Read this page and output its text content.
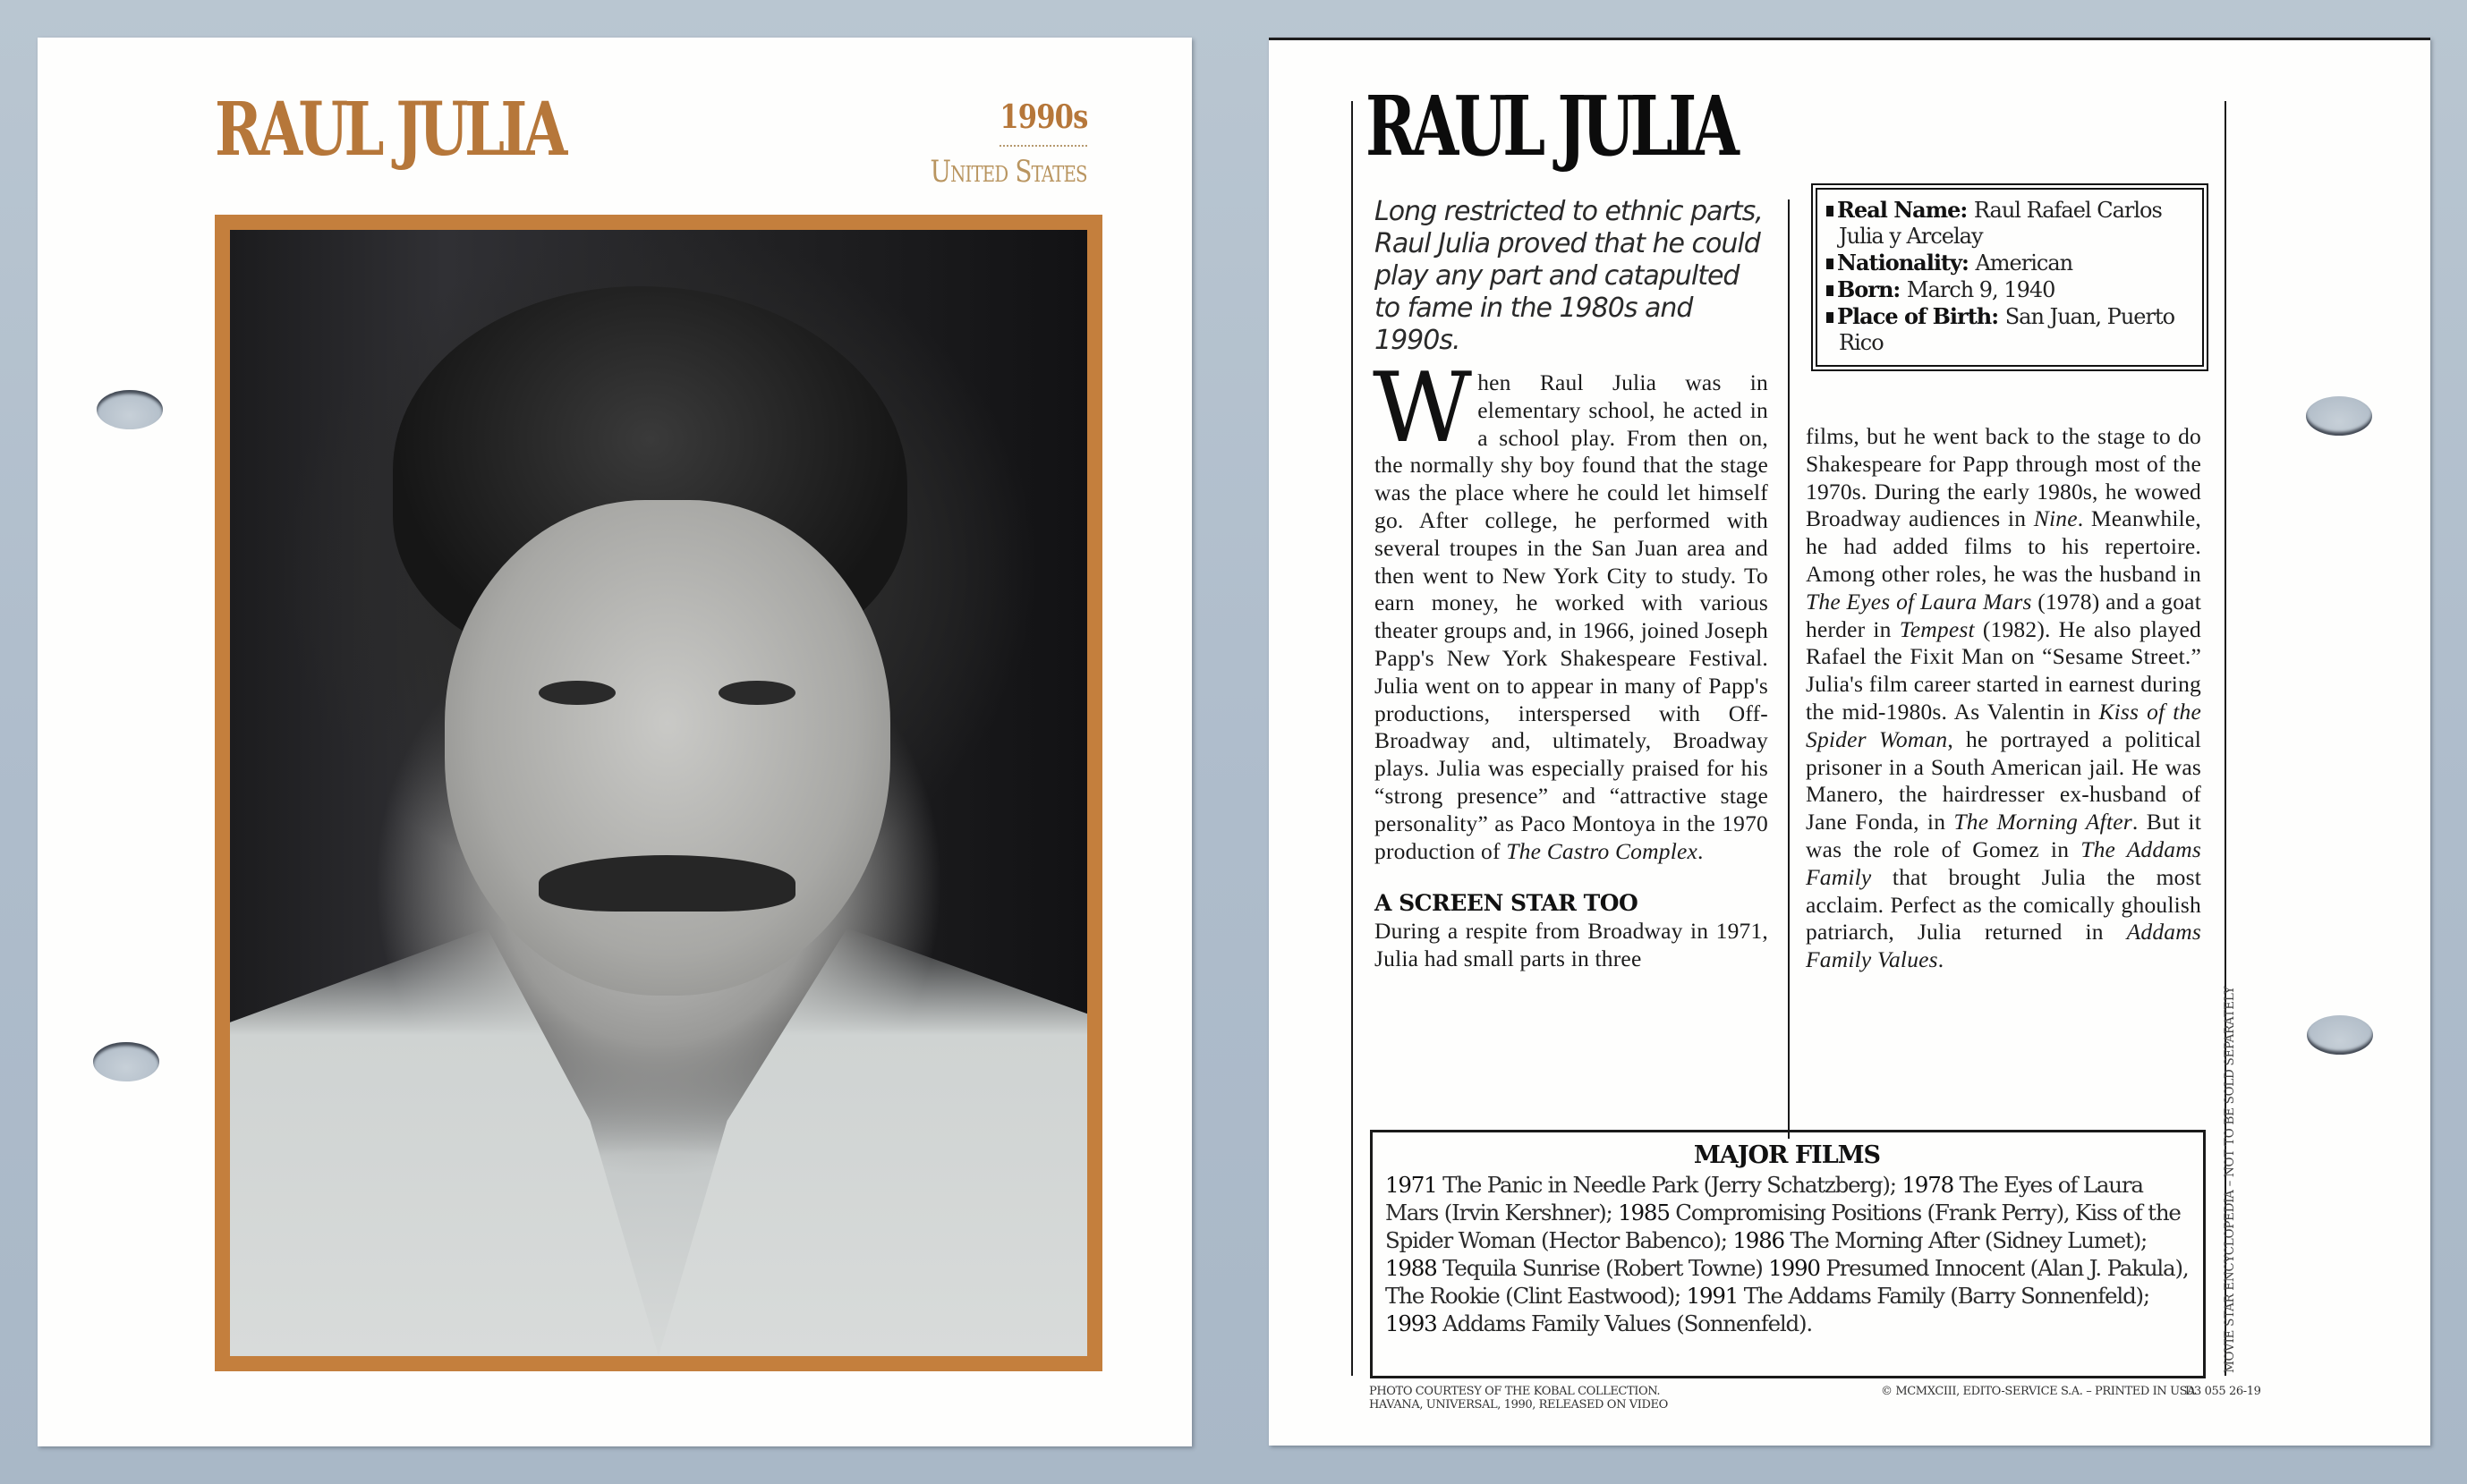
RAUL JULIA	1990s
United States	RAUL JULIA
Long restricted to ethnic parts, Raul Julia proved that he could play any part and catapulted to fame in the 1980s and 1990s.
Real Name: Raul Rafael Carlos Julia y Arcelay
Nationality: American
Born: March 9, 1940
Place of Birth: San Juan, Puerto Rico
When Raul Julia was in elementary school, he acted in a school play. From then on, the normally shy boy found that the stage was the place where he could let himself go. After college, he performed with several troupes in the San Juan area and then went to New York City to study. To earn money, he worked with various theater groups and, in 1966, joined Joseph Papp's New York Shakespeare Festival. Julia went on to appear in many of Papp's productions, interspersed with Off-Broadway and, ultimately, Broadway plays. Julia was especially praised for his “strong presence” and “attractive stage personality” as Paco Montoya in the 1970 production of The Castro Complex.
A SCREEN STAR TOO
During a respite from Broadway in 1971, Julia had small parts in three
films, but he went back to the stage to do Shakespeare for Papp through most of the 1970s. During the early 1980s, he wowed Broadway audiences in Nine. Meanwhile, he had added films to his repertoire. Among other roles, he was the husband in The Eyes of Laura Mars (1978) and a goat herder in Tempest (1982). He also played Rafael the Fixit Man on “Sesame Street.” Julia's film career started in earnest during the mid-1980s. As Valentin in Kiss of the Spider Woman, he portrayed a political prisoner in a South American jail. He was Manero, the hairdresser ex-husband of Jane Fonda, in The Morning After. But it was the role of Gomez in The Addams Family that brought Julia the most acclaim. Perfect as the comically ghoulish patriarch, Julia returned in Addams Family Values.
MAJOR FILMS
1971 The Panic in Needle Park (Jerry Schatzberg); 1978 The Eyes of Laura Mars (Irvin Kershner); 1985 Compromising Positions (Frank Perry), Kiss of the Spider Woman (Hector Babenco); 1986 The Morning After (Sidney Lumet); 1988 Tequila Sunrise (Robert Towne) 1990 Presumed Innocent (Alan J. Pakula), The Rookie (Clint Eastwood); 1991 The Addams Family (Barry Sonnenfeld); 1993 Addams Family Values (Sonnenfeld).
PHOTO COURTESY OF THE KOBAL COLLECTION. HAVANA, UNIVERSAL, 1990, RELEASED ON VIDEO
© MCMXCIII, EDITO-SERVICE S.A. – PRINTED IN USA
D3 055 26-19
MOVIE STAR ENCYCLOPEDIA – NOT TO BE SOLD SEPARATELY
